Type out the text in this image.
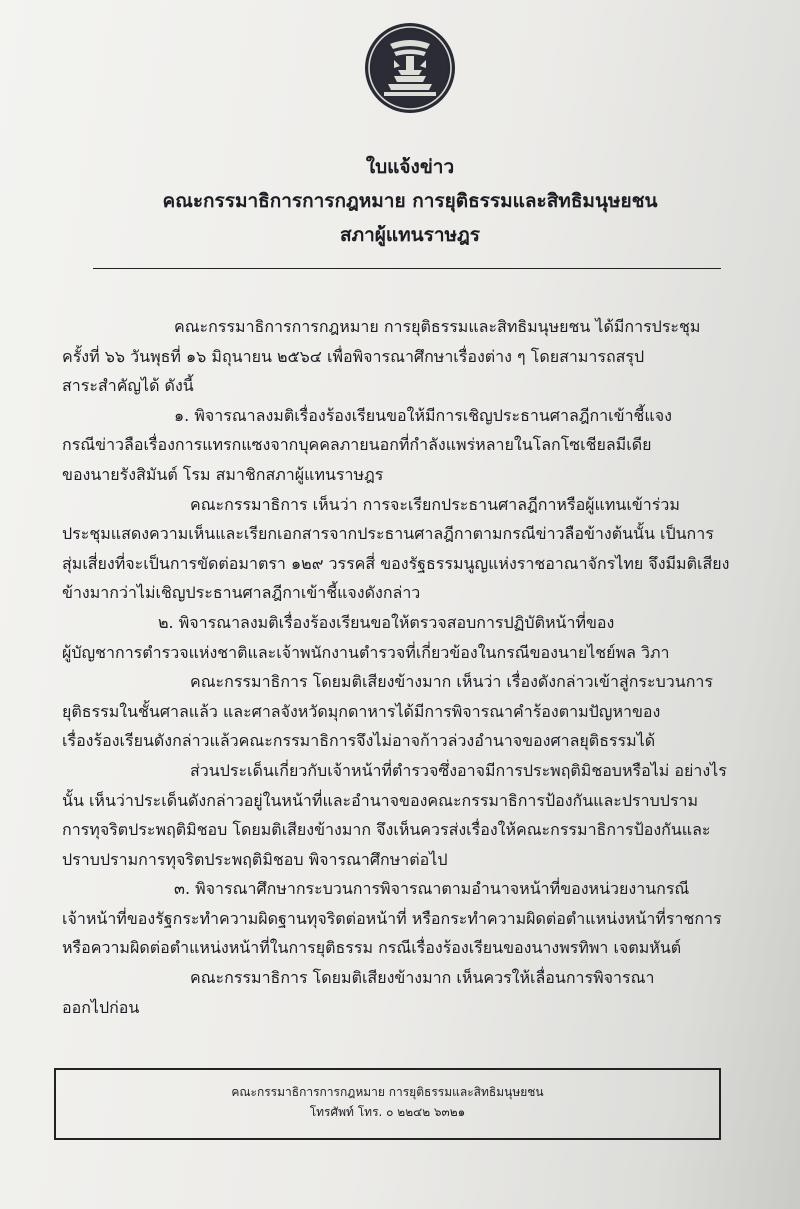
ใบแจ้งข่าว
คณะกรรมาธิการการกฎหมาย การยุติธรรมและสิทธิมนุษยชน
สภาผู้แทนราษฎร
คณะกรรมาธิการการกฎหมาย การยุติธรรมและสิทธิมนุษยชน ได้มีการประชุม
ครั้งที่ ๖๖ วันพุธที่ ๑๖ มิถุนายน ๒๕๖๔ เพื่อพิจารณาศึกษาเรื่องต่าง ๆ โดยสามารถสรุป
สาระสำคัญได้ ดังนี้
๑. พิจารณาลงมติเรื่องร้องเรียนขอให้มีการเชิญประธานศาลฎีกาเข้าชี้แจง
กรณีข่าวลือเรื่องการแทรกแซงจากบุคคลภายนอกที่กำลังแพร่หลายในโลกโซเชียลมีเดีย
ของนายรังสิมันต์ โรม สมาชิกสภาผู้แทนราษฎร
คณะกรรมาธิการ เห็นว่า การจะเรียกประธานศาลฎีกาหรือผู้แทนเข้าร่วม
ประชุมแสดงความเห็นและเรียกเอกสารจากประธานศาลฎีกาตามกรณีข่าวลือข้างต้นนั้น เป็นการ
สุ่มเสี่ยงที่จะเป็นการขัดต่อมาตรา ๑๒๙ วรรคสี่ ของรัฐธรรมนูญแห่งราชอาณาจักรไทย จึงมีมติเสียง
ข้างมากว่าไม่เชิญประธานศาลฎีกาเข้าชี้แจงดังกล่าว
๒. พิจารณาลงมติเรื่องร้องเรียนขอให้ตรวจสอบการปฏิบัติหน้าที่ของ
ผู้บัญชาการตำรวจแห่งชาติและเจ้าพนักงานตำรวจที่เกี่ยวข้องในกรณีของนายไชย์พล วิภา
คณะกรรมาธิการ โดยมติเสียงข้างมาก เห็นว่า เรื่องดังกล่าวเข้าสู่กระบวนการ
ยุติธรรมในชั้นศาลแล้ว และศาลจังหวัดมุกดาหารได้มีการพิจารณาคำร้องตามปัญหาของ
เรื่องร้องเรียนดังกล่าวแล้วคณะกรรมาธิการจึงไม่อาจก้าวล่วงอำนาจของศาลยุติธรรมได้
ส่วนประเด็นเกี่ยวกับเจ้าหน้าที่ตำรวจซึ่งอาจมีการประพฤติมิชอบหรือไม่ อย่างไร
นั้น เห็นว่าประเด็นดังกล่าวอยู่ในหน้าที่และอำนาจของคณะกรรมาธิการป้องกันและปราบปราม
การทุจริตประพฤติมิชอบ โดยมติเสียงข้างมาก จึงเห็นควรส่งเรื่องให้คณะกรรมาธิการป้องกันและ
ปราบปรามการทุจริตประพฤติมิชอบ พิจารณาศึกษาต่อไป
๓. พิจารณาศึกษากระบวนการพิจารณาตามอำนาจหน้าที่ของหน่วยงานกรณี
เจ้าหน้าที่ของรัฐกระทำความผิดฐานทุจริตต่อหน้าที่ หรือกระทำความผิดต่อตำแหน่งหน้าที่ราชการ
หรือความผิดต่อตำแหน่งหน้าที่ในการยุติธรรม กรณีเรื่องร้องเรียนของนางพรทิพา เจตมหันต์
คณะกรรมาธิการ โดยมติเสียงข้างมาก เห็นควรให้เลื่อนการพิจารณา
ออกไปก่อน
คณะกรรมาธิการการกฎหมาย การยุติธรรมและสิทธิมนุษยชน
โทรศัพท์ โทร. ๐ ๒๒๔๒ ๖๓๒๑
